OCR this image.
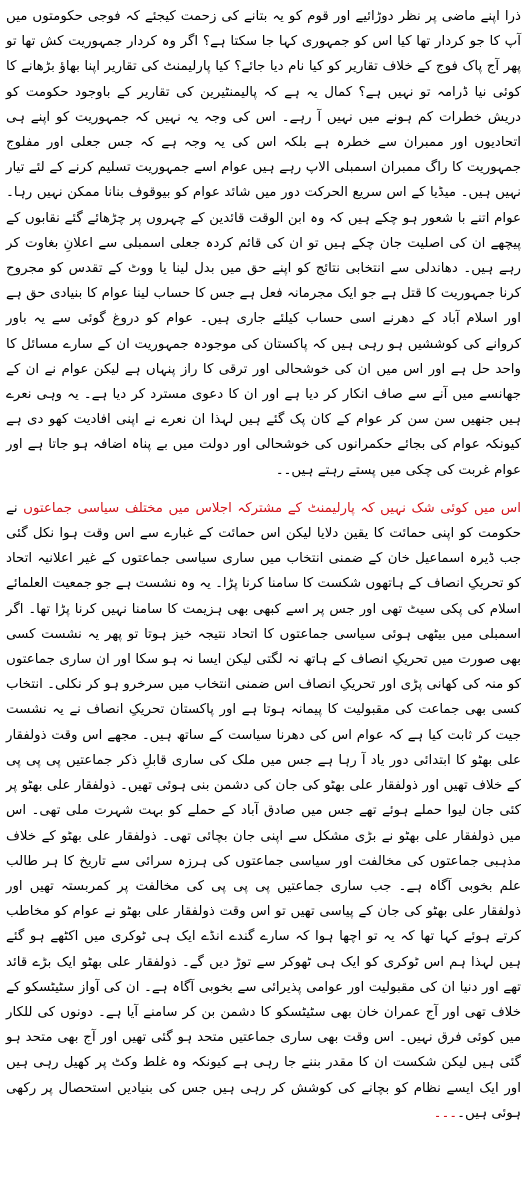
ذرا اپنے ماضی پر نظر دوڑائیے اور قوم کو یہ بتانے کی زحمت کیجئے کہ فوجی حکومتوں میں آپ کا جو کردار تھا کیا اس کو جمہوری کہا جا سکتا ہے؟ اگر وہ کردار جمہوریت کش تھا تو پھر آج پاک فوج کے خلاف تقاریر کو کیا نام دیا جائے؟ کیا پارلیمنٹ کی تقاریر اپنا بھاؤ بڑھانے کا کوئی نیا ڈرامہ تو نہیں ہے؟ کمال یہ ہے کہ پالیمنٹیرین کی تقاریر کے باوجود حکومت کو دریش خطرات کم ہونے میں نہیں آ رہے۔ اس کی وجہ یہ نہیں کہ جمہوریت کو اپنے ہی اتحادیوں اور ممبران سے خطرہ ہے بلکہ اس کی یہ وجہ ہے کہ جس جعلی اور مفلوج جمہوریت کا راگ ممبران اسمبلی الاپ رہے ہیں عوام اسے جمہوریت تسلیم کرنے کے لئے تیار نہیں ہیں۔ میڈیا کے اس سریع الحرکت دور میں شائد عوام کو بیوقوف بنانا ممکن نہیں رہا۔ عوام اتنے با شعور ہو چکے ہیں کہ وہ ابن الوقت قائدین کے چہروں پر چڑھائے گئے نقابوں کے پیچھے ان کی اصلیت جان چکے ہیں تو ان کی قائم کردہ جعلی اسمبلی سے اعلانِ بغاوت کر رہے ہیں۔ دھاندلی سے انتخابی نتائج کو اپنے حق میں بدل لینا یا ووٹ کے تقدس کو مجروح کرنا جمہوریت کا قتل ہے جو ایک مجرمانہ فعل ہے جس کا حساب لینا عوام کا بنیادی حق ہے اور اسلام آباد کے دھرنے اسی حساب کیلئے جاری ہیں۔ عوام کو دروغ گوئی سے یہ باور کروانے کی کوششیں ہو رہی ہیں کہ پاکستان کی موجودہ جمہوریت ان کے سارے مسائل کا واحد حل ہے اور اس میں ان کی خوشحالی اور ترقی کا راز پنہاں ہے لیکن عوام نے ان کے جھانسے میں آنے سے صاف انکار کر دیا ہے اور ان کا دعوی مسترد کر دیا ہے۔ یہ وہی نعرے ہیں جنھیں سن سن کر عوام کے کان پک گئے ہیں لہذا ان نعرے نے اپنی افادیت کھو دی ہے کیونکہ عوام کی بجائے حکمرانوں کی خوشحالی اور دولت میں بے پناہ اضافہ ہو جاتا ہے اور عوام غربت کی چکی میں پستے رہتے ہیں۔۔

اس میں کوئی شک نہیں کہ پارلیمنٹ کے مشترکہ اجلاس میں مختلف سیاسی جماعتوں نے حکومت کو اپنی حمائت کا یقین دلایا لیکن اس حمائت کے غبارے سے اس وقت ہوا نکل گئی جب ڈیرہ اسماعیل خان کے ضمنی انتخاب میں ساری سیاسی جماعتوں کے غیر اعلانیہ اتحاد کو تحریکِ انصاف کے ہاتھوں شکست کا سامنا کرنا پڑا۔ یہ وہ نشست ہے جو جمعیت العلمائے اسلام کی پکی سیٹ تھی اور جس پر اسے کبھی بھی ہزیمت کا سامنا نہیں کرنا پڑا تھا۔ اگر اسمبلی میں بیٹھی ہوئی سیاسی جماعتوں کا اتحاد نتیجہ خیز ہوتا تو پھر یہ نشست کسی بھی صورت میں تحریکِ انصاف کے ہاتھ نہ لگتی لیکن ایسا نہ ہو سکا اور ان ساری جماعتوں کو منہ کی کھانی پڑی اور تحریکِ انصاف اس ضمنی انتخاب میں سرخرو ہو کر نکلی۔ انتخاب کسی بھی جماعت کی مقبولیت کا پیمانہ ہوتا ہے اور پاکستان تحریکِ انصاف نے یہ نشست جیت کر ثابت کیا ہے کہ عوام اس کی دھرنا سیاست کے ساتھ ہیں۔ مجھے اس وقت ذولفقار علی بھٹو کا ابتدائی دور یاد آ رہا ہے جس میں ملک کی ساری قابلِ ذکر جماعتیں پی پی پی کے خلاف تھیں اور ذولفقار علی بھٹو کی جان کی دشمن بنی ہوئی تھیں۔ ذولفقار علی بھٹو پر کئی جان لیوا حملے ہوئے تھے جس میں صادق آباد کے حملے کو بہت شہرت ملی تھی۔ اس میں ذولفقار علی بھٹو نے بڑی مشکل سے اپنی جان بچائی تھی۔ ذولفقار علی بھٹو کے خلاف مذہبی جماعتوں کی مخالفت اور سیاسی جماعتوں کی ہرزہ سرائی سے تاریخ کا ہر طالب علم بخوبی آگاہ ہے۔ جب ساری جماعتیں پی پی پی کی مخالفت پر کمربستہ تھیں اور ذولفقار علی بھٹو کی جان کے پیاسی تھیں تو اس وقت ذولفقار علی بھٹو نے عوام کو مخاطب کرتے ہوئے کہا تھا کہ یہ تو اچھا ہوا کہ سارے گندے انڈے ایک ہی ٹوکری میں اکٹھے ہو گئے ہیں لہذا ہم اس ٹوکری کو ایک ہی ٹھوکر سے توڑ دیں گے۔ ذولفقار علی بھٹو ایک بڑے قائد تھے اور دنیا ان کی مقبولیت اور عوامی پذیرائی سے بخوبی آگاہ ہے۔ ان کی آواز سٹیٹسکو کے خلاف تھی اور آج عمران خان بھی سٹیٹسکو کا دشمن بن کر سامنے آیا ہے۔ دونوں کی للکار میں کوئی فرق نہیں۔ اس وقت بھی ساری جماعتیں متحد ہو گئی تھیں اور آج بھی متحد ہو گئی ہیں لیکن شکست ان کا مقدر بننے جا رہی ہے کیونکہ وہ غلط وکٹ پر کھیل رہی ہیں اور ایک ایسے نظام کو بچانے کی کوشش کر رہی ہیں جس کی بنیادیں استحصال پر رکھی ہوئی ہیں۔۔۔۔
